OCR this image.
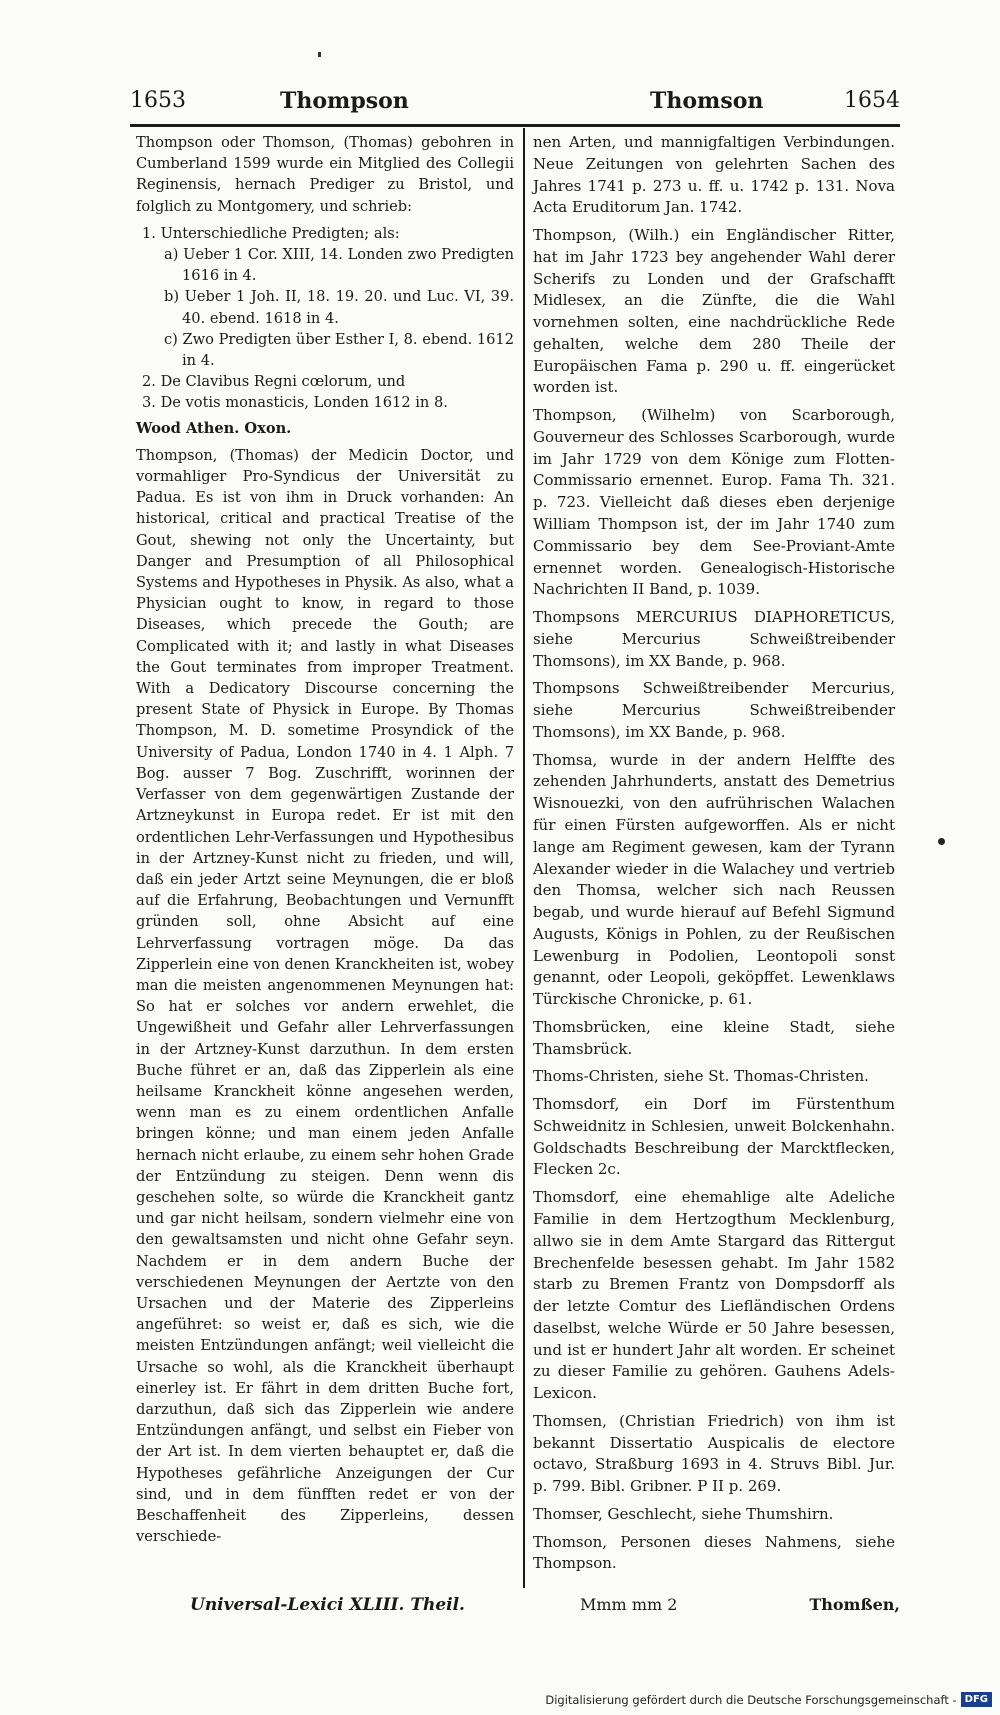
1653	Thompson	Thomson	1654

Thompson oder Thomson, (Thomas) gebohren in Cumberland 1599 wurde ein Mitglied des Collegii Reginensis, hernach Prediger zu Bristol, und folglich zu Montgomery, und schrieb:

1. Unterschiedliche Predigten; als:
a) Ueber 1 Cor. XIII, 14. Londen zwo Predigten 1616 in 4.
b) Ueber 1 Joh. II, 18. 19. 20. und Luc. VI, 39. 40. ebend. 1618 in 4.
c) Zwo Predigten über Esther I, 8. ebend. 1612 in 4.
2. De Clavibus Regni cœlorum, und
3. De votis monasticis, Londen 1612 in 8.

Wood Athen. Oxon.

Thompson, (Thomas) der Medicin Doctor, und vormahliger Pro-Syndicus der Universität zu Padua. Es ist von ihm in Druck vorhanden: An historical, critical and practical Treatise of the Gout, shewing not only the Uncertainty, but Danger and Presumption of all Philosophical Systems and Hypotheses in Physik. As also, what a Physician ought to know, in regard to those Diseases, which precede the Gouth; are Complicated with it; and lastly in what Diseases the Gout terminates from improper Treatment. With a Dedicatory Discourse concerning the present State of Physick in Europe. By Thomas Thompson, M. D. sometime Prosyndick of the University of Padua, London 1740 in 4. 1 Alph. 7 Bog. ausser 7 Bog. Zuschrifft, worinnen der Verfasser von dem gegenwärtigen Zustande der Artzneykunst in Europa redet. Er ist mit den ordentlichen Lehr-Verfassungen und Hypothesibus in der Artzney-Kunst nicht zu frieden, und will, daß ein jeder Artzt seine Meynungen, die er bloß auf die Erfahrung, Beobachtungen und Vernunfft gründen soll, ohne Absicht auf eine Lehrverfassung vortragen möge. Da das Zipperlein eine von denen Kranckheiten ist, wobey man die meisten angenommenen Meynungen hat: So hat er solches vor andern erwehlet, die Ungewißheit und Gefahr aller Lehrverfassungen in der Artzney-Kunst darzuthun. In dem ersten Buche führet er an, daß das Zipperlein als eine heilsame Kranckheit könne angesehen werden, wenn man es zu einem ordentlichen Anfalle bringen könne; und man einem jeden Anfalle hernach nicht erlaube, zu einem sehr hohen Grade der Entzündung zu steigen. Denn wenn dis geschehen solte, so würde die Kranckheit gantz und gar nicht heilsam, sondern vielmehr eine von den gewaltsamsten und nicht ohne Gefahr seyn. Nachdem er in dem andern Buche der verschiedenen Meynungen der Aertzte von den Ursachen und der Materie des Zipperleins angeführet: so weist er, daß es sich, wie die meisten Entzündungen anfängt; weil vielleicht die Ursache so wohl, als die Kranckheit überhaupt einerley ist. Er fährt in dem dritten Buche fort, darzuthun, daß sich das Zipperlein wie andere Entzündungen anfängt, und selbst ein Fieber von der Art ist. In dem vierten behauptet er, daß die Hypotheses gefährliche Anzeigungen der Cur sind, und in dem fünfften redet er von der Beschaffenheit des Zipperleins, dessen verschiede-

nen Arten, und mannigfaltigen Verbindungen. Neue Zeitungen von gelehrten Sachen des Jahres 1741 p. 273 u. ff. u. 1742 p. 131. Nova Acta Eruditorum Jan. 1742.

Thompson, (Wilh.) ein Engländischer Ritter, hat im Jahr 1723 bey angehender Wahl derer Scherifs zu Londen und der Grafschafft Midlesex, an die Zünfte, die die Wahl vornehmen solten, eine nachdrückliche Rede gehalten, welche dem 280 Theile der Europäischen Fama p. 290 u. ff. eingerücket worden ist.

Thompson, (Wilhelm) von Scarborough, Gouverneur des Schlosses Scarborough, wurde im Jahr 1729 von dem Könige zum Flotten-Commissario ernennet. Europ. Fama Th. 321. p. 723. Vielleicht daß dieses eben derjenige William Thompson ist, der im Jahr 1740 zum Commissario bey dem See-Proviant-Amte ernennet worden. Genealogisch-Historische Nachrichten II Band, p. 1039.

Thompsons MERCURIUS DIAPHORETICUS, siehe Mercurius Schweißtreibender Thomsons), im XX Bande, p. 968.

Thompsons Schweißtreibender Mercurius, siehe Mercurius Schweißtreibender Thomsons), im XX Bande, p. 968.

Thomsa, wurde in der andern Helffte des zehenden Jahrhunderts, anstatt des Demetrius Wisnouezki, von den aufrührischen Walachen für einen Fürsten aufgeworffen. Als er nicht lange am Regiment gewesen, kam der Tyrann Alexander wieder in die Walachey und vertrieb den Thomsa, welcher sich nach Reussen begab, und wurde hierauf auf Befehl Sigmund Augusts, Königs in Pohlen, zu der Reußischen Lewenburg in Podolien, Leontopoli sonst genannt, oder Leopoli, geköpffet. Lewenklaws Türckische Chronicke, p. 61.

Thomsbrücken, eine kleine Stadt, siehe Thamsbrück.

Thoms-Christen, siehe St. Thomas-Christen.

Thomsdorf, ein Dorf im Fürstenthum Schweidnitz in Schlesien, unweit Bolckenhahn. Goldschadts Beschreibung der Marcktflecken, Flecken 2c.

Thomsdorf, eine ehemahlige alte Adeliche Familie in dem Hertzogthum Mecklenburg, allwo sie in dem Amte Stargard das Rittergut Brechenfelde besessen gehabt. Im Jahr 1582 starb zu Bremen Frantz von Dompsdorff als der letzte Comtur des Liefländischen Ordens daselbst, welche Würde er 50 Jahre besessen, und ist er hundert Jahr alt worden. Er scheinet zu dieser Familie zu gehören. Gauhens Adels-Lexicon.

Thomsen, (Christian Friedrich) von ihm ist bekannt Dissertatio Auspicalis de electore octavo, Straßburg 1693 in 4. Struvs Bibl. Jur. p. 799. Bibl. Gribner. P II p. 269.

Thomser, Geschlecht, siehe Thumshirn.

Thomson, Personen dieses Nahmens, siehe Thompson.

Universal-Lexici XLIII. Theil.	Mmm mm 2	Thomßen,
Digitalisierung gefördert durch die Deutsche Forschungsgemeinschaft - DFG
